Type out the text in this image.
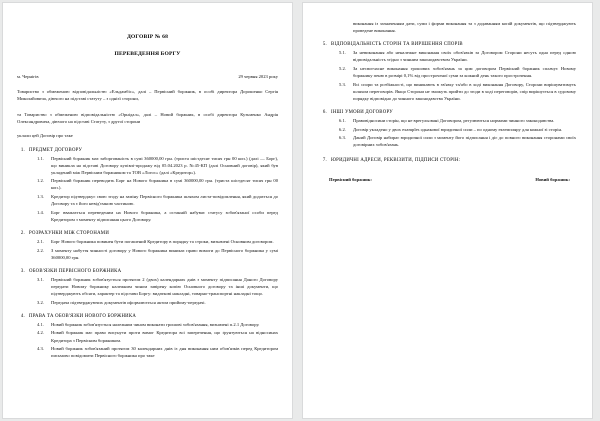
ДОГОВІР № 68
ПЕРЕВЕДЕННЯ БОРГУ
м. Чернігів	29 червня 2023 року
Товариство з обмеженою відповідальністю «Ельдамбіс», далі – Первісний боржник, в особі директора Дорошенко Сергія Миколайовича, діючого на підставі статуту – з однієї сторони,
та Товариство з обмеженою відповідальністю «Орнідал», далі – Новий боржник, в особі директора Кузьменко Андрія Олександровича, діючого на підставі Статуту, з другої сторони
уклали цей Договір про таке
1. ПРЕДМЕТ ДОГОВОРУ
1.1.	Первісний боржник має заборгованість в сумі 360000,00 грн. (триста шістдесят тисяч грн 00 коп.) (далі — Борг), що виникла на підставі Договору купівлі-продажу від 05.04.2023 р. №45-КП (далі Основний договір), який був укладений між Первісним боржником та ТОВ «Логос» (далі «Кредитор»).
1.2.	Первісний боржник переводить Борг на Нового боржника в сумі 360000,00 грн. (триста шістдесят тисяч грн 00 коп.).
1.3.	Кредитор підтверджує свою згоду на заміну Первісного боржника шляхом листа-повідомлення, який додається до Договору та є його невід'ємною частиною.
1.4.	Борг вважається переведеним на Нового боржника, а останній набуває статусу зобов'язаної особи перед Кредитором з моменту підписання цього Договору.
2. РОЗРАХУНКИ МІЖ СТОРОНАМИ
2.1.	Борг Нового боржника повинен бути погашений Кредитору в порядку та строки, визначені Основним договором.
2.2.	З моменту набуття чинності договору у Нового боржника виникає право вимоги до Первісного боржника у сумі 360000,00 грн.
3. ОБОВ'ЯЗКИ ПЕРВІСНОГО БОРЖНИКА
3.1.	Первісний боржник зобов'язується протягом 2 (двох) календарних днів з моменту підписання Даного Договору передати Новому боржнику належним чином завірену копію Основного договору та інші документи, що підтверджують обсяги, характер та підстави Боргу: видаткові накладні, товарно-транспортні накладні тощо.
3.2.	Передача підтверджуючих документів оформлюється актом прийому-передачі.
4. ПРАВА ТА ОБОВ'ЯЗКИ НОВОГО БОРЖНИКА
4.1.	Новий боржник зобов'язується належним чином виконати грошові зобов'язання, визначені п.2.1 Договору.
4.2.	Новий боржник має право висунути проти вимог Кредитора всі заперечення, що ґрунтуються на відносинах Кредитора з Первісним боржником.
4.3.	Новий боржник зобов'язаний протягом 30 календарних днів із дня виконання ним обов'язків перед Кредитором письмово повідомити Первісного боржника про таке
виконання із зазначенням дати, суми і форми виконання та з додаванням копій документів, що підтверджують проведене виконання.
5. ВІДПОВІДАЛЬНІСТЬ СТОРІН ТА ВИРІШЕННЯ СПОРІВ
5.1.	За невиконання або неналежне виконання своїх обов'язків за Договором Сторони несуть одна перед одною відповідальність згідно з чинним законодавством України.
5.2.	За несвоєчасне виконання грошових зобов'язань за цим договором Первісний боржник сплачує Новому боржнику пеню в розмірі 0,1% від простроченої суми за кожний день такого прострочення.
5.3.	Всі спори та розбіжності, що виникають в зв'язку та/або в ході виконання Договору, Сторони вирішуватимуть шляхом переговорів. Якщо Сторони не зможуть прийти до згоди в ході переговорів, спір вирішується в судовому порядку відповідно до чинного законодавства України.
6. ІНШІ УМОВИ ДОГОВОРУ
6.1.	Правовідносини сторін, що не врегульовані Договором, регулюються нормами чинного законодавства.
6.2.	Договір укладено у двох examples однакової юридичної сили – по одному екземпляру для кожної зі сторін.
6.3.	Даний Договір набирає юридичної сили з моменту його підписання і діє до повного виконання сторонами своїх договірних зобов'язань.
7. ЮРИДИЧНІ АДРЕСИ, РЕКВІЗИТИ, ПІДПИСИ СТОРІН:
Первісний боржник:	Новий боржник:
